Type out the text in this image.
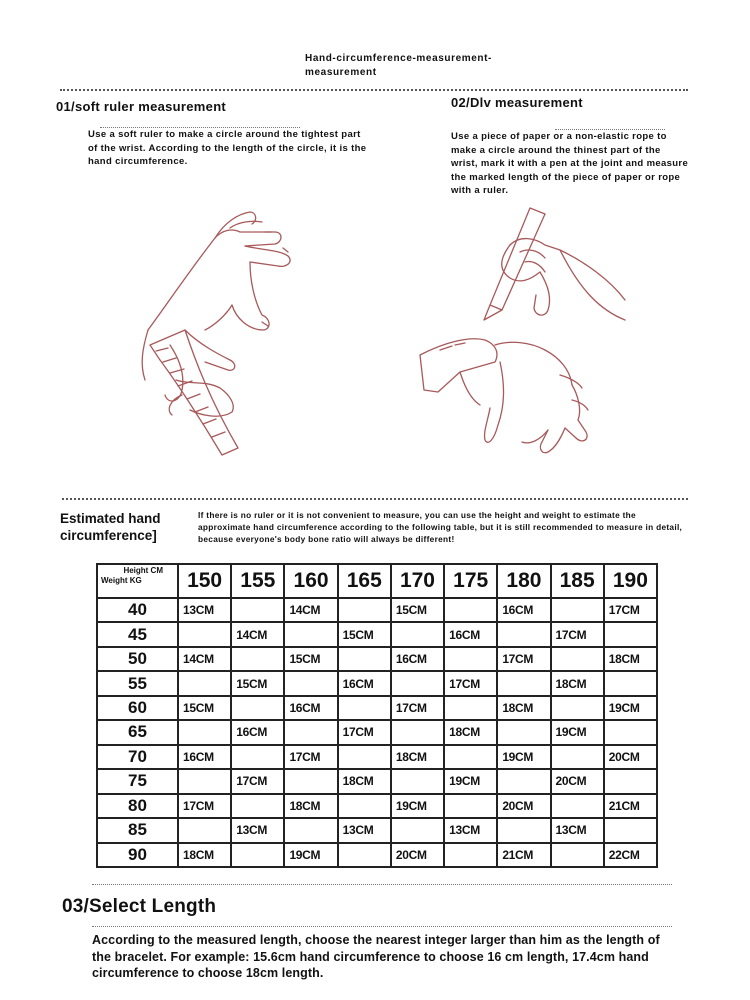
Hand-circumference-measurement-measurement
01/soft ruler measurement
Use a soft ruler to make a circle around the tightest part of the wrist. According to the length of the circle, it is the hand circumference.
02/Dlv measurement
Use a piece of paper or a non-elastic rope to make a circle around the thinest part of the wrist, mark it with a pen at the joint and measure the marked length of the piece of paper or rope with a ruler.
Estimated hand circumference]
If there is no ruler or it is not convenient to measure, you can use the height and weight to estimate the approximate hand circumference according to the following table, but it is still recommended to measure in detail, because everyone's body bone ratio will always be different!
Height CM
Weight KG	150	155	160	165	170	175	180	185	190
40	13CM		14CM		15CM		16CM		17CM
45		14CM		15CM		16CM		17CM	
50	14CM		15CM		16CM		17CM		18CM
55		15CM		16CM		17CM		18CM	
60	15CM		16CM		17CM		18CM		19CM
65		16CM		17CM		18CM		19CM	
70	16CM		17CM		18CM		19CM		20CM
75		17CM		18CM		19CM		20CM	
80	17CM		18CM		19CM		20CM		21CM
85		13CM		13CM		13CM		13CM	
90	18CM		19CM		20CM		21CM		22CM
03/Select Length
According to the measured length, choose the nearest integer larger than him as the length of the bracelet. For example: 15.6cm hand circumference to choose 16 cm length, 17.4cm hand circumference to choose 18cm length.
